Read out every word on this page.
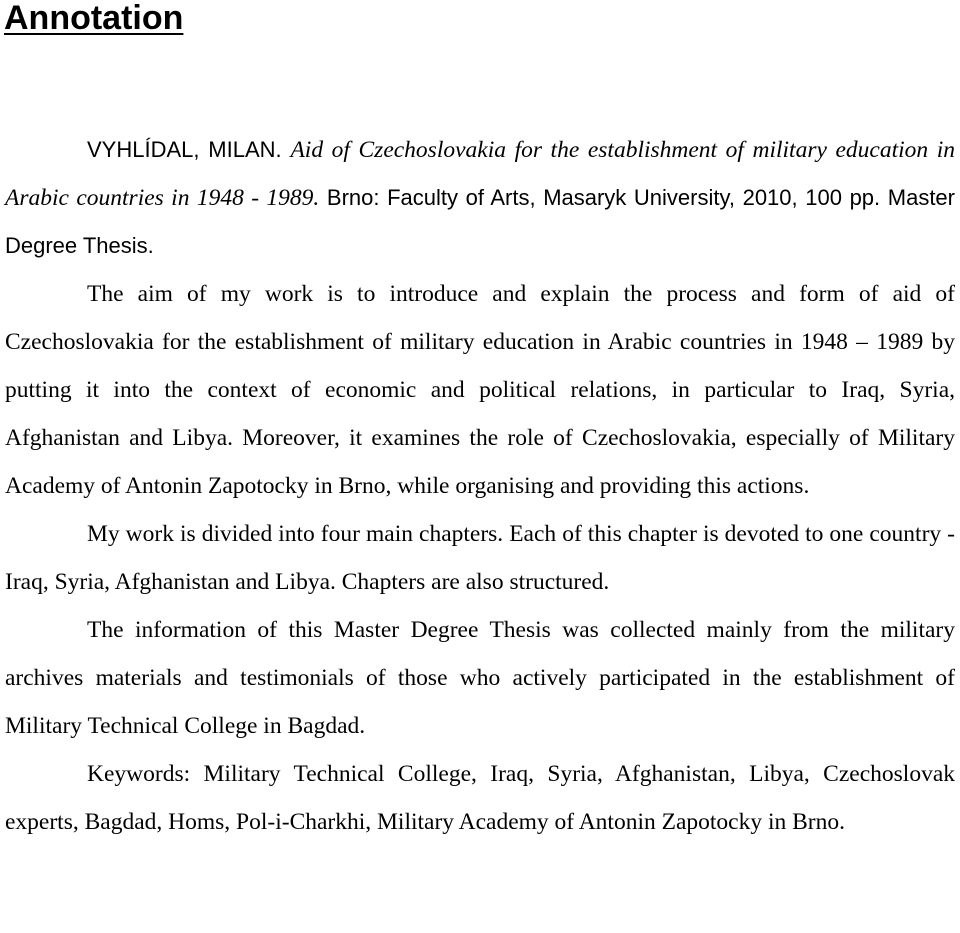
Annotation

VYHLÍDAL, MILAN. Aid of Czechoslovakia for the establishment of military education in Arabic countries in 1948 - 1989. Brno: Faculty of Arts, Masaryk University, 2010, 100 pp. Master Degree Thesis.

The aim of my work is to introduce and explain the process and form of aid of Czechoslovakia for the establishment of military education in Arabic countries in 1948 – 1989 by putting it into the context of economic and political relations, in particular to Iraq, Syria, Afghanistan and Libya. Moreover, it examines the role of Czechoslovakia, especially of Military Academy of Antonin Zapotocky in Brno, while organising and providing this actions.

My work is divided into four main chapters. Each of this chapter is devoted to one country - Iraq, Syria, Afghanistan and Libya. Chapters are also structured.

The information of this Master Degree Thesis was collected mainly from the military archives materials and testimonials of those who actively participated in the establishment of Military Technical College in Bagdad.

Keywords: Military Technical College, Iraq, Syria, Afghanistan, Libya, Czechoslovak experts, Bagdad, Homs, Pol-i-Charkhi, Military Academy of Antonin Zapotocky in Brno.
